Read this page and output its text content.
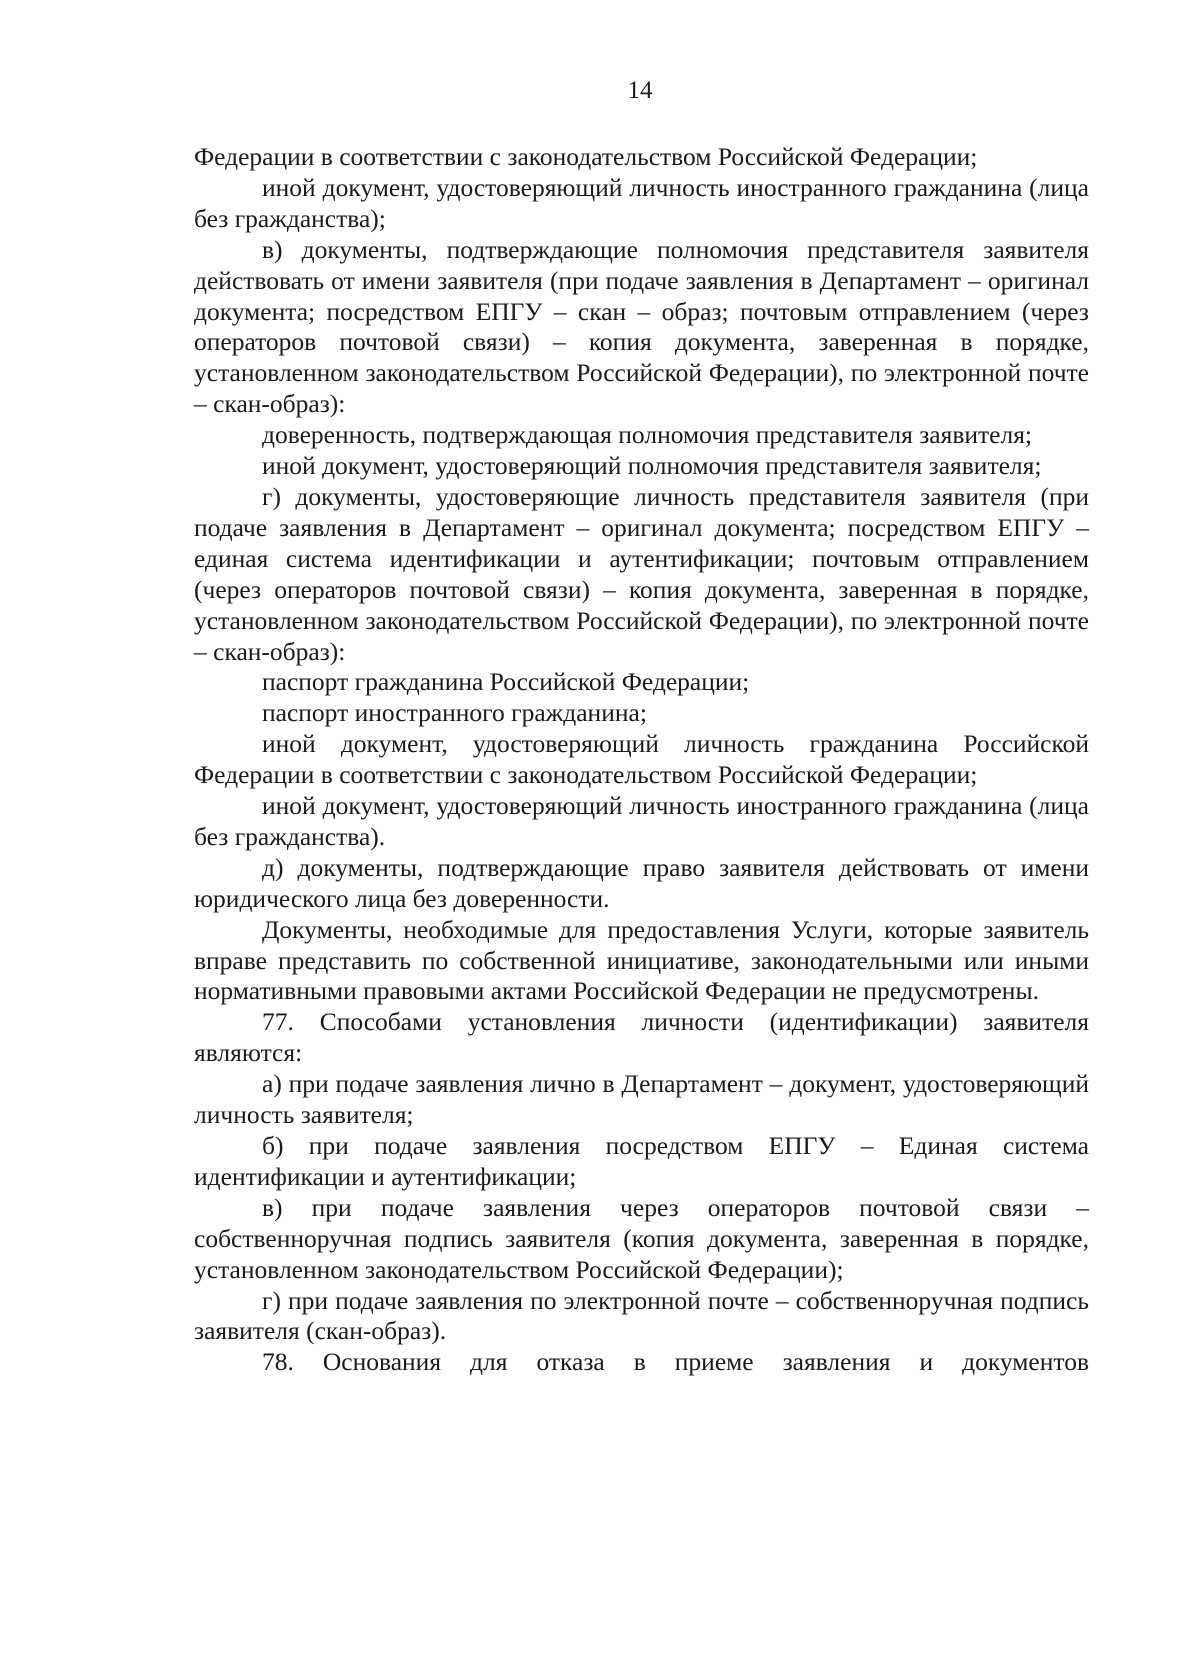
14

Федерации в соответствии с законодательством Российской Федерации;

иной документ, удостоверяющий личность иностранного гражданина (лица без гражданства);

в) документы, подтверждающие полномочия представителя заявителя действовать от имени заявителя (при подаче заявления в Департамент – оригинал документа; посредством ЕПГУ – скан – образ; почтовым отправлением (через операторов почтовой связи) – копия документа, заверенная в порядке, установленном законодательством Российской Федерации), по электронной почте – скан-образ):

доверенность, подтверждающая полномочия представителя заявителя;

иной документ, удостоверяющий полномочия представителя заявителя;

г) документы, удостоверяющие личность представителя заявителя (при подаче заявления в Департамент – оригинал документа; посредством ЕПГУ – единая система идентификации и аутентификации; почтовым отправлением (через операторов почтовой связи) – копия документа, заверенная в порядке, установленном законодательством Российской Федерации), по электронной почте – скан-образ):

паспорт гражданина Российской Федерации;

паспорт иностранного гражданина;

иной документ, удостоверяющий личность гражданина Российской Федерации в соответствии с законодательством Российской Федерации;

иной документ, удостоверяющий личность иностранного гражданина (лица без гражданства).

д) документы, подтверждающие право заявителя действовать от имени юридического лица без доверенности.

Документы, необходимые для предоставления Услуги, которые заявитель вправе представить по собственной инициативе, законодательными или иными нормативными правовыми актами Российской Федерации не предусмотрены.

77. Способами установления личности (идентификации) заявителя являются:

а) при подаче заявления лично в Департамент – документ, удостоверяющий личность заявителя;

б) при подаче заявления посредством ЕПГУ – Единая система идентификации и аутентификации;

в) при подаче заявления через операторов почтовой связи – собственноручная подпись заявителя (копия документа, заверенная в порядке, установленном законодательством Российской Федерации);

г) при подаче заявления по электронной почте – собственноручная подпись заявителя (скан-образ).

78. Основания для отказа в приеме заявления и документов
